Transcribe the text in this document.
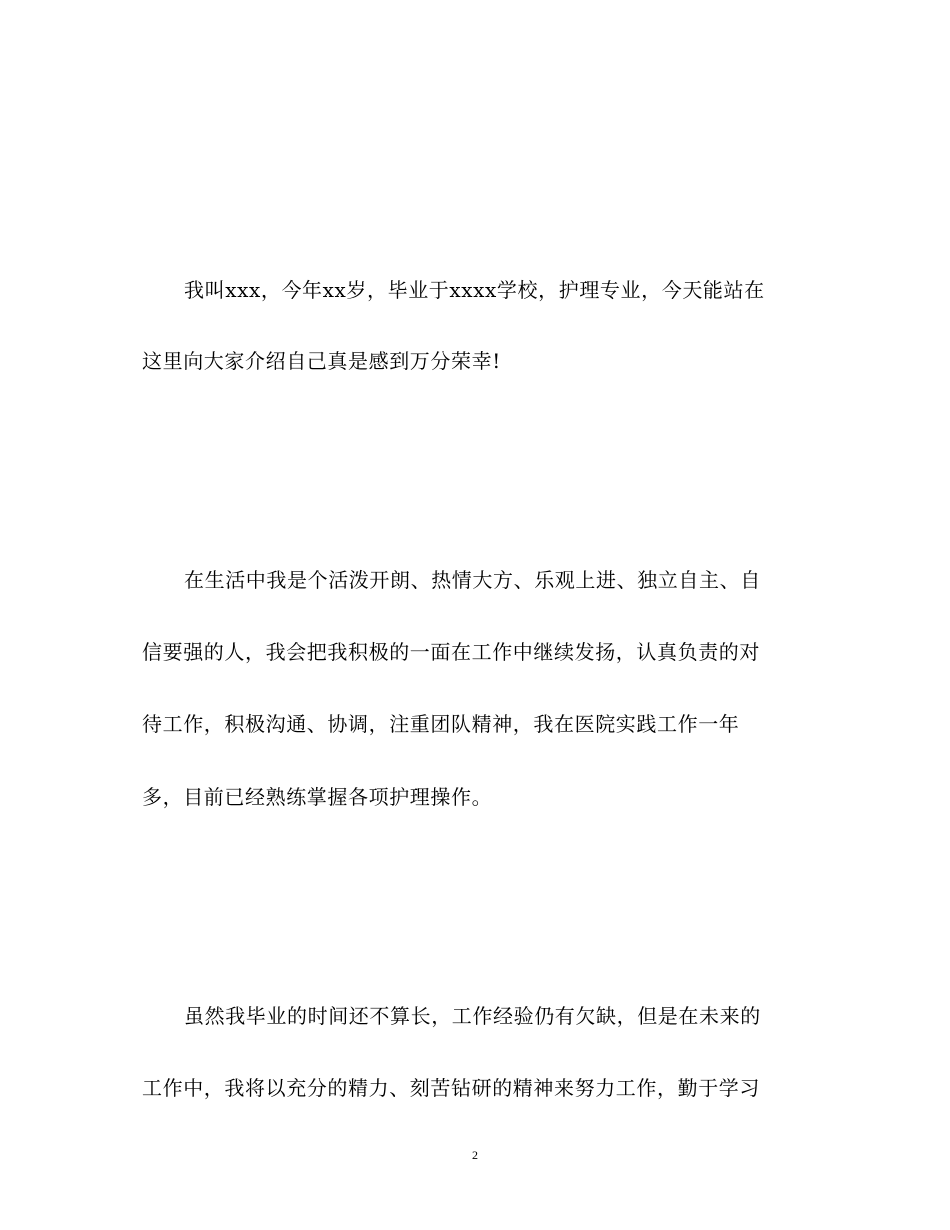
我叫xxx，今年xx岁，毕业于xxxx学校，护理专业，今天能站在
这里向大家介绍自己真是感到万分荣幸!
在生活中我是个活泼开朗、热情大方、乐观上进、独立自主、自
信要强的人，我会把我积极的一面在工作中继续发扬，认真负责的对
待工作，积极沟通、协调，注重团队精神，我在医院实践工作一年
多，目前已经熟练掌握各项护理操作。
虽然我毕业的时间还不算长，工作经验仍有欠缺，但是在未来的
工作中，我将以充分的精力、刻苦钻研的精神来努力工作，勤于学习
2
